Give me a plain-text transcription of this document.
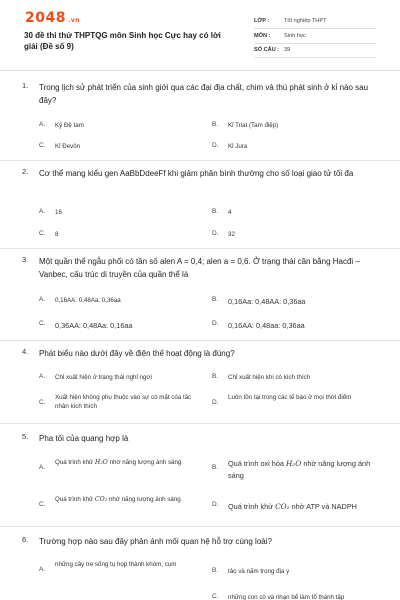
2048 .vn
30 đề thi thử THPTQG môn Sinh học Cực hay có lời giải (Đề số 9)
LỚP :	Tốt nghiệp THPT
MÔN : Sinh học
SỐ CÂU : 39
1. Trong lịch sử phát triển của sinh giới qua các đại địa chất, chim và thú phát sinh ở kỉ nào sau đây?
A. Kỷ Đệ tam	B. Kỉ Triat (Tam điệp)
C. Kỉ Đevôn	D. Kỉ Jura
2. Cơ thể mang kiểu gen AaBbDdeeFf khi giảm phân bình thường cho số loại giao tử tối đa
A. 16	B. 4
C. 8	D. 32
3. Một quần thể ngẫu phối có tần số alen A = 0,4; alen a = 0,6. Ở trạng thái cân bằng Hacđi – Vanbec, cấu trúc di truyền của quần thể là
A. 0,16AA: 0,48Aa: 0,36aa	B. 0,16Aa: 0,48AA: 0,36aa
C. 0,36AA: 0,48Aa: 0,16aa	D. 0,16AA: 0,48aa: 0,36aa
4. Phát biểu nào dưới đây về điện thế hoạt động là đúng?
A. Chỉ xuất hiện ở trạng thái nghỉ ngơi	B. Chỉ xuất hiện khi có kích thích
C.
Xuất hiện không phụ thuộc vào sự có mặt của tác nhân kích thích
D.
Luôn tồn tại trong các tế bào ở mọi thời điểm
5. Pha tối của quang hợp là
A.
Quá trình khử H₂O nhờ năng lượng ánh sáng
B. Quá trình oxi hóa H₂O nhờ năng lượng ánh sáng
C.
Quá trình khử CO₂ nhờ năng lượng ánh sáng
D. Quá trình khử CO₂ nhờ ATP và NADPH
6. Trường hợp nào sau đây phản ánh mối quan hệ hỗ trợ cùng loài?
A.
những cây tre sống tụ họp thành khóm, cụm
B. tảo và nấm trong địa y
C. những con cò và nhạn bể làm tổ thành tập
